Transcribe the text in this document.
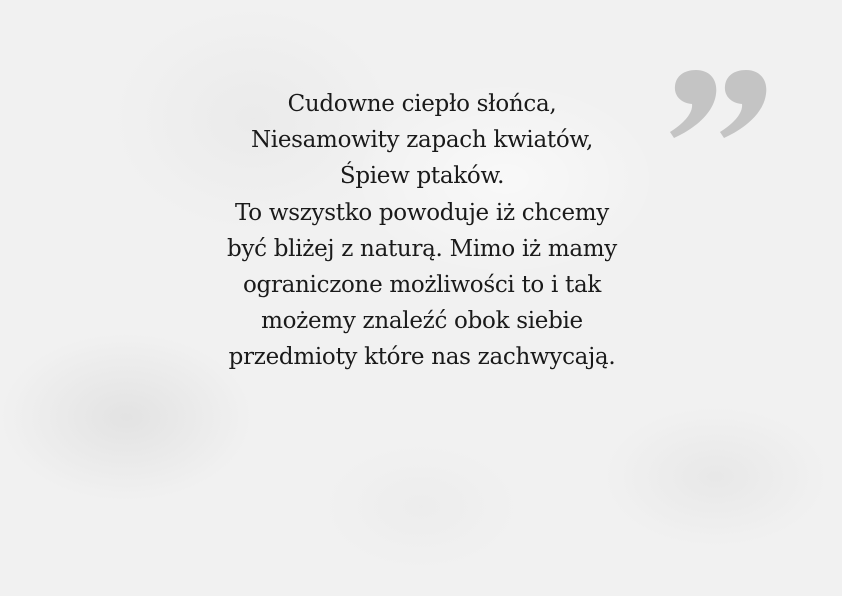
Cudowne ciepło słońca,
Niesamowity zapach kwiatów,
Śpiew ptaków.
To wszystko powoduje iż chcemy
być bliżej z naturą. Mimo iż mamy
ograniczone możliwości to i tak
możemy znaleźć obok siebie
przedmioty które nas zachwycają.
